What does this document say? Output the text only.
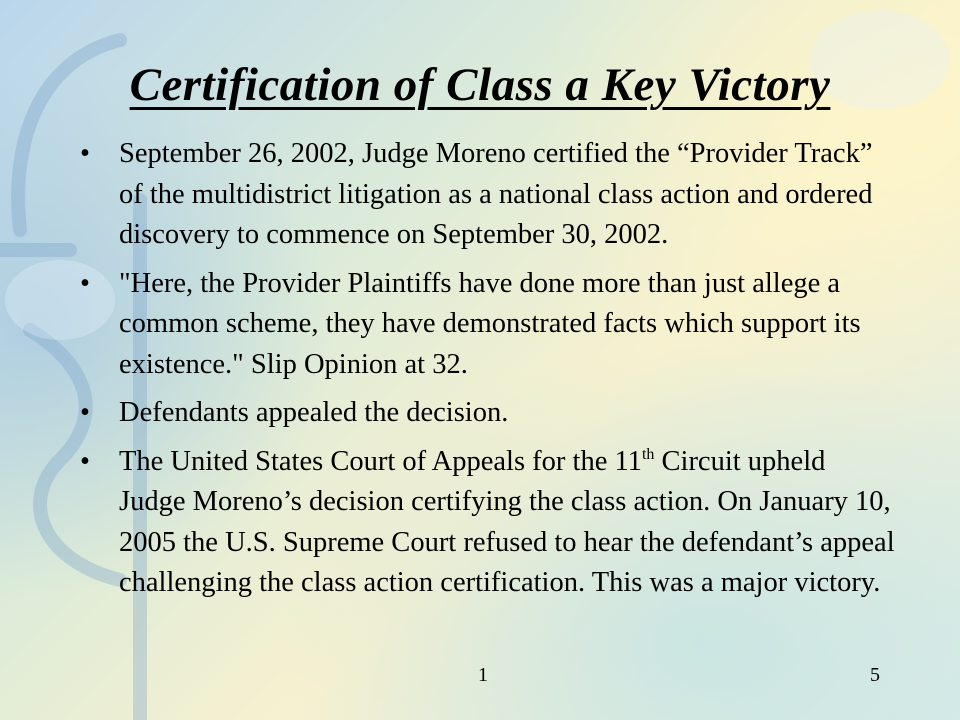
Certification of Class a Key Victory
• September 26, 2002, Judge Moreno certified the “Provider Track” of the multidistrict litigation as a national class action and ordered discovery to commence on September 30, 2002.
• "Here, the Provider Plaintiffs have done more than just allege a common scheme, they have demonstrated facts which support its existence." Slip Opinion at 32.
• Defendants appealed the decision.
• The United States Court of Appeals for the 11th Circuit upheld Judge Moreno’s decision certifying the class action. On January 10, 2005 the U.S. Supreme Court refused to hear the defendant’s appeal challenging the class action certification. This was a major victory.
1	5
